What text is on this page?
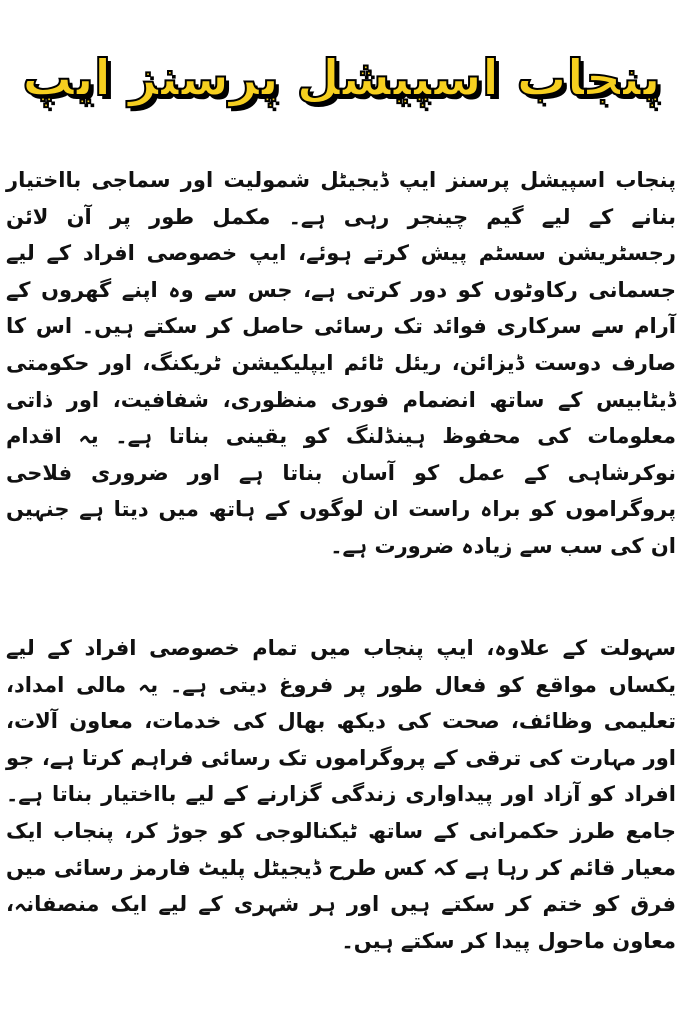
پنجاب اسپیشل پرسنز ایپ

پنجاب اسپیشل پرسنز ایپ ڈیجیٹل شمولیت اور سماجی بااختیار بنانے کے لیے گیم چینجر رہی ہے۔ مکمل طور پر آن لائن رجسٹریشن سسٹم پیش کرتے ہوئے، ایپ خصوصی افراد کے لیے جسمانی رکاوٹوں کو دور کرتی ہے، جس سے وہ اپنے گھروں کے آرام سے سرکاری فوائد تک رسائی حاصل کر سکتے ہیں۔ اس کا صارف دوست ڈیزائن، ریئل ٹائم ایپلیکیشن ٹریکنگ، اور حکومتی ڈیٹابیس کے ساتھ انضمام فوری منظوری، شفافیت، اور ذاتی معلومات کی محفوظ ہینڈلنگ کو یقینی بناتا ہے۔ یہ اقدام نوکرشاہی کے عمل کو آسان بناتا ہے اور ضروری فلاحی پروگراموں کو براہ راست ان لوگوں کے ہاتھ میں دیتا ہے جنہیں ان کی سب سے زیادہ ضرورت ہے۔

سہولت کے علاوہ، ایپ پنجاب میں تمام خصوصی افراد کے لیے یکساں مواقع کو فعال طور پر فروغ دیتی ہے۔ یہ مالی امداد، تعلیمی وظائف، صحت کی دیکھ بھال کی خدمات، معاون آلات، اور مہارت کی ترقی کے پروگراموں تک رسائی فراہم کرتا ہے، جو افراد کو آزاد اور پیداواری زندگی گزارنے کے لیے بااختیار بناتا ہے۔ جامع طرز حکمرانی کے ساتھ ٹیکنالوجی کو جوڑ کر، پنجاب ایک معیار قائم کر رہا ہے کہ کس طرح ڈیجیٹل پلیٹ فارمز رسائی میں فرق کو ختم کر سکتے ہیں اور ہر شہری کے لیے ایک منصفانہ، معاون ماحول پیدا کر سکتے ہیں۔
